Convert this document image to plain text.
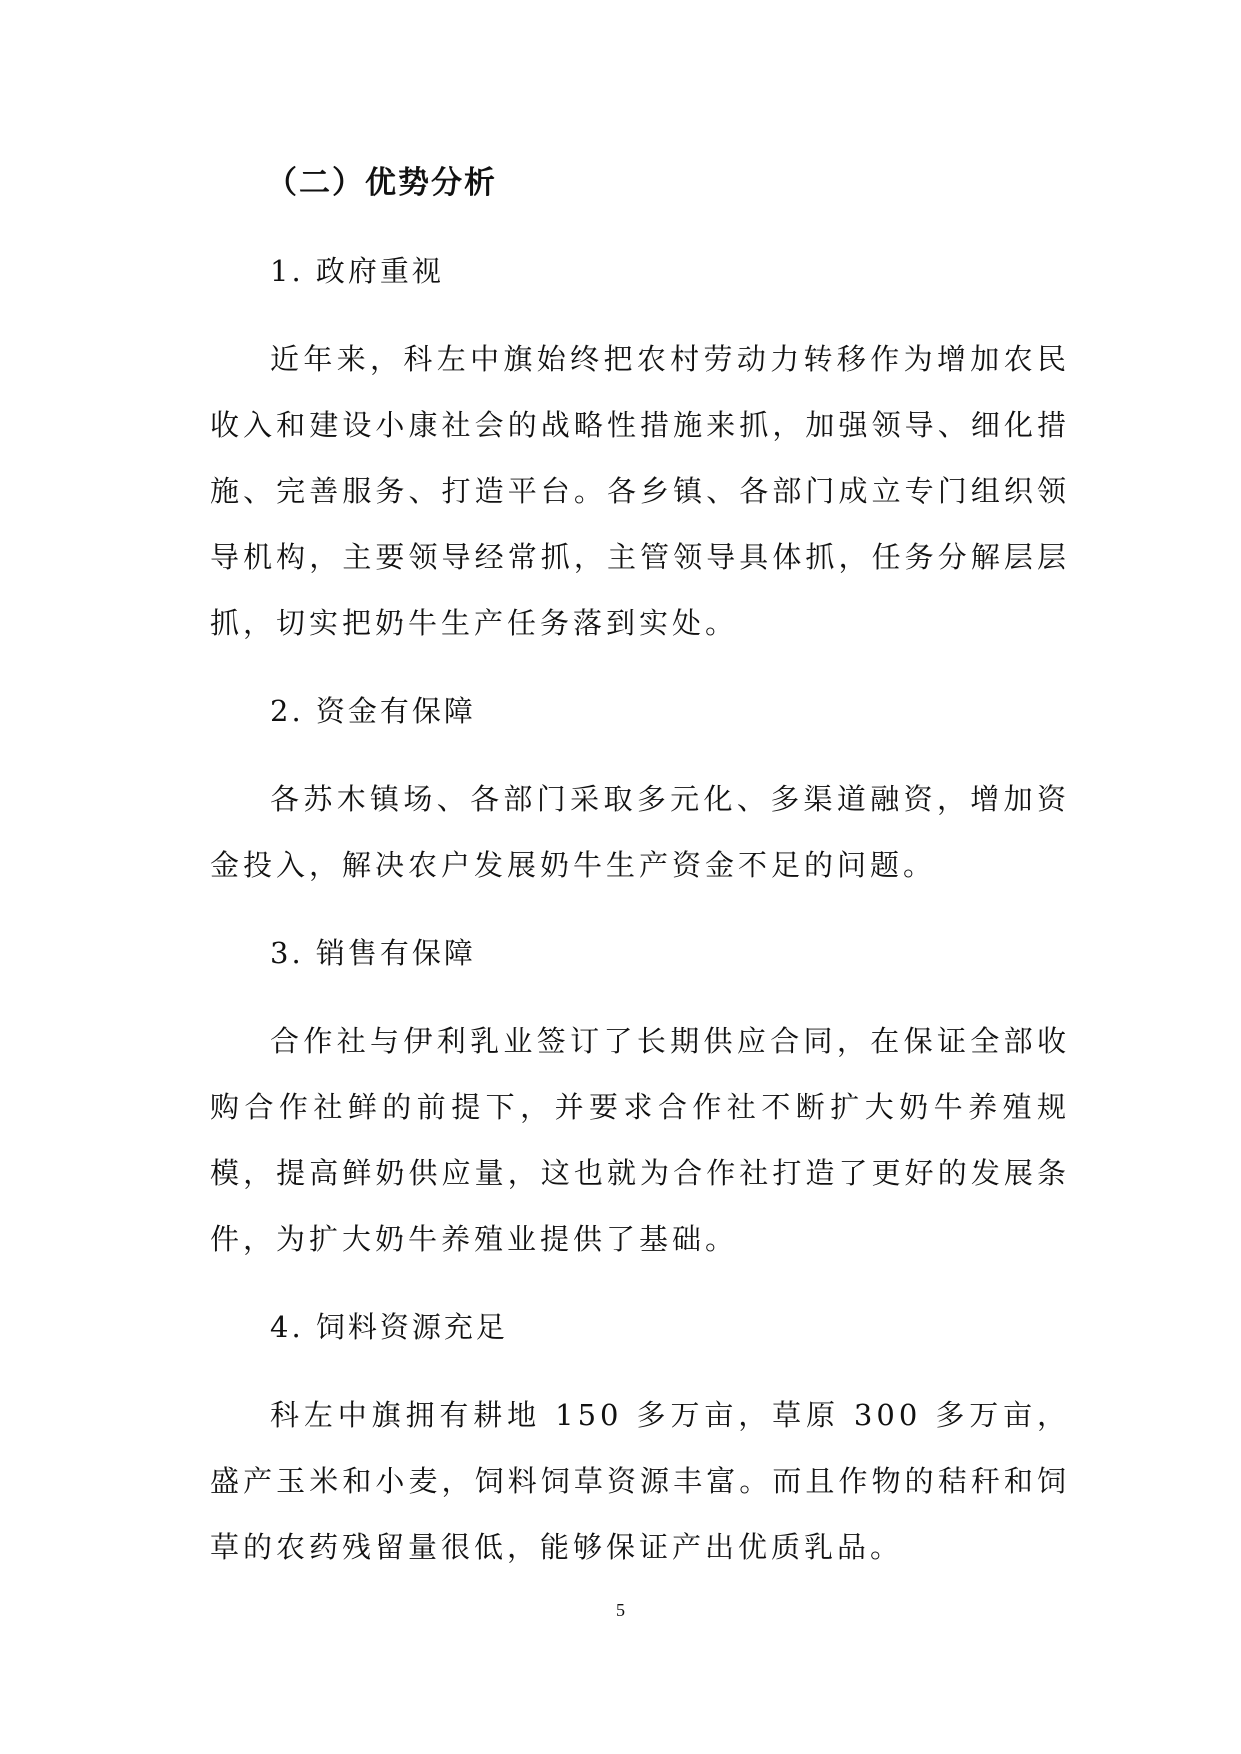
（二）优势分析
1. 政府重视

近年来，科左中旗始终把农村劳动力转移作为增加农民收入和建设小康社会的战略性措施来抓，加强领导、细化措施、完善服务、打造平台。各乡镇、各部门成立专门组织领导机构，主要领导经常抓，主管领导具体抓，任务分解层层抓，切实把奶牛生产任务落到实处。

2. 资金有保障

各苏木镇场、各部门采取多元化、多渠道融资，增加资金投入，解决农户发展奶牛生产资金不足的问题。

3. 销售有保障

合作社与伊利乳业签订了长期供应合同，在保证全部收购合作社鲜的前提下，并要求合作社不断扩大奶牛养殖规模，提高鲜奶供应量，这也就为合作社打造了更好的发展条件，为扩大奶牛养殖业提供了基础。

4. 饲料资源充足

科左中旗拥有耕地 150 多万亩，草原 300 多万亩，盛产玉米和小麦，饲料饲草资源丰富。而且作物的秸秆和饲草的农药残留量很低，能够保证产出优质乳品。

5
